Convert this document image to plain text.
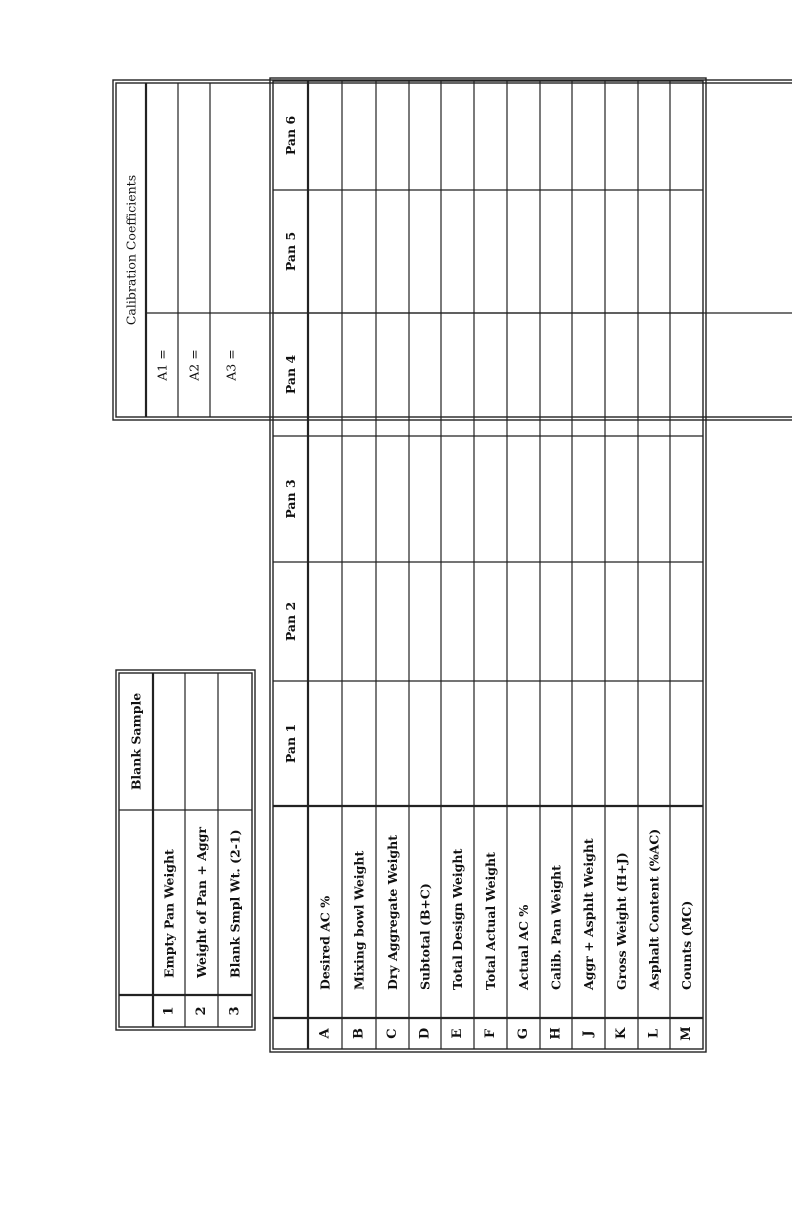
Blank Sample
Empty Pan Weight
1
Weight of Pan + Aggr
2
Blank Smpl Wt. (2-1)
3
Calibration Coefficients
A1 = A2 = A3 =
Pan 1
Pan 2
Pan 3
Pan 4
Pan 5
Pan 6
Desired AC %
A
Mixing bowl Weight
B
Dry Aggregate Weight
C
Subtotal (B+C)
D
Total Design Weight
E
Total Actual Weight
F
Actual AC %
G
Calib. Pan Weight
H
Aggr + Asphlt Weight
J
Gross Weight (H+J)
K
Asphalt Content (%AC)
L
Counts (MC)
M
